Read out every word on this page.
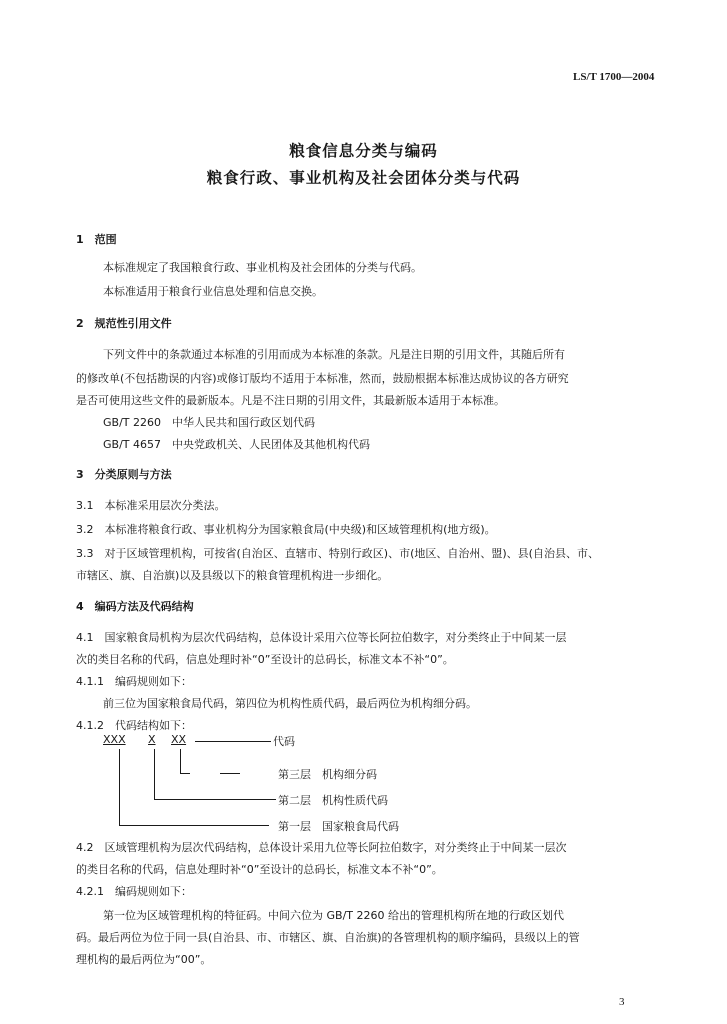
LS/T 1700—2004
粮食信息分类与编码
粮食行政、事业机构及社会团体分类与代码
1　范围
本标准规定了我国粮食行政、事业机构及社会团体的分类与代码。
本标准适用于粮食行业信息处理和信息交换。
2　规范性引用文件
下列文件中的条款通过本标准的引用而成为本标准的条款。凡是注日期的引用文件，其随后所有
的修改单(不包括勘误的内容)或修订版均不适用于本标准，然而，鼓励根据本标准达成协议的各方研究
是否可使用这些文件的最新版本。凡是不注日期的引用文件，其最新版本适用于本标准。
GB/T 2260　中华人民共和国行政区划代码
GB/T 4657　中央党政机关、人民团体及其他机构代码
3　分类原则与方法
3.1　本标准采用层次分类法。
3.2　本标准将粮食行政、事业机构分为国家粮食局(中央级)和区域管理机构(地方级)。
3.3　对于区域管理机构，可按省(自治区、直辖市、特别行政区)、市(地区、自治州、盟)、县(自治县、市、
市辖区、旗、自治旗)以及县级以下的粮食管理机构进一步细化。
4　编码方法及代码结构
4.1　国家粮食局机构为层次代码结构，总体设计采用六位等长阿拉伯数字，对分类终止于中间某一层
次的类目名称的代码，信息处理时补“0”至设计的总码长，标准文本不补“0”。
4.1.1　编码规则如下：
前三位为国家粮食局代码，第四位为机构性质代码，最后两位为机构细分码。
4.1.2　代码结构如下：
XXX X XX	代码
第三层　机构细分码
第二层　机构性质代码
第一层　国家粮食局代码
4.2　区域管理机构为层次代码结构，总体设计采用九位等长阿拉伯数字，对分类终止于中间某一层次
的类目名称的代码，信息处理时补“0”至设计的总码长，标准文本不补“0”。
4.2.1　编码规则如下：
第一位为区域管理机构的特征码。中间六位为 GB/T 2260 给出的管理机构所在地的行政区划代
码。最后两位为位于同一县(自治县、市、市辖区、旗、自治旗)的各管理机构的顺序编码，县级以上的管
理机构的最后两位为“00”。
3
